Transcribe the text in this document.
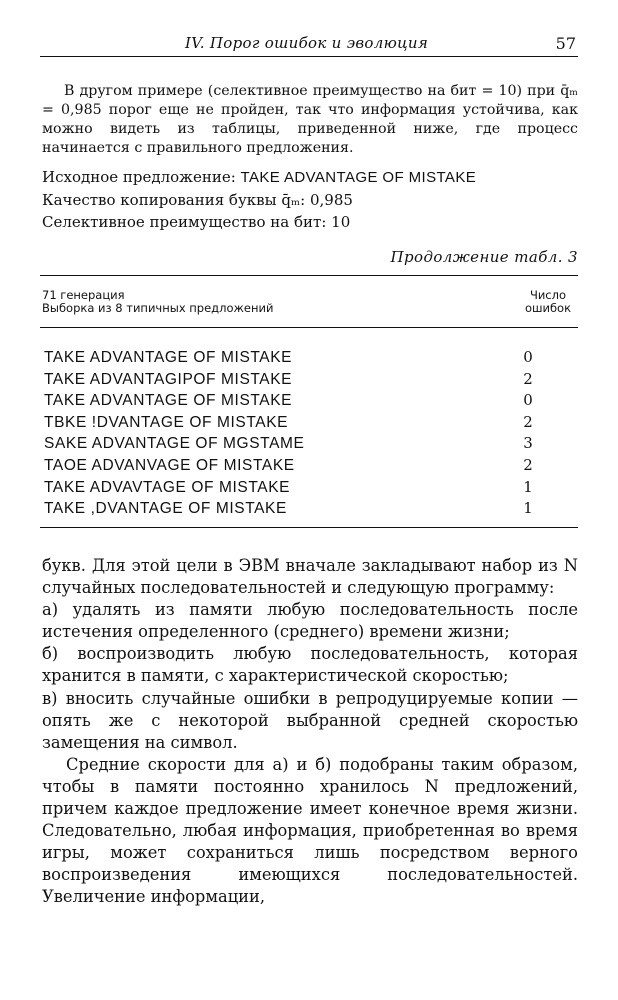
IV. Порог ошибок и эволюция	57

В другом примере (селективное преимущество на бит = 10) при q̄ₘ = 0,985 порог еще не пройден, так что информация устойчива, как можно видеть из таблицы, приведенной ниже, где процесс начинается с правильного предложения.

Исходное предложение: TAKE ADVANTAGE OF MISTAKE
Качество копирования буквы q̄ₘ: 0,985
Селективное преимущество на бит: 10
Продолжение табл. 3
71 генерация
Выборка из 8 типичных предложений
Число
ошибок
TAKE ADVANTAGE OF MISTAKE	0
TAKE ADVANTAGIPOF MISTAKE	2
TAKE ADVANTAGE OF MISTAKE	0
TBKE !DVANTAGE OF MISTAKE	2
SAKE ADVANTAGE OF MGSTAME	3
TAOE ADVANVAGE OF MISTAKE	2
TAKE ADVAVTAGE OF MISTAKE	1
TAKE ,DVANTAGE OF MISTAKE	1

букв. Для этой цели в ЭВМ вначале закладывают набор из N случайных последовательностей и следующую программу:

а) удалять из памяти любую последовательность после истечения определенного (среднего) времени жизни;

б) воспроизводить любую последовательность, которая хранится в памяти, с характеристической скоростью;

в) вносить случайные ошибки в репродуцируемые копии — опять же с некоторой выбранной средней скоростью замещения на символ.

Средние скорости для а) и б) подобраны таким образом, чтобы в памяти постоянно хранилось N предложений, причем каждое предложение имеет конечное время жизни. Следовательно, любая информация, приобретенная во время игры, может сохраниться лишь посредством верного воспроизведения имеющихся последовательностей. Увеличение информации,
